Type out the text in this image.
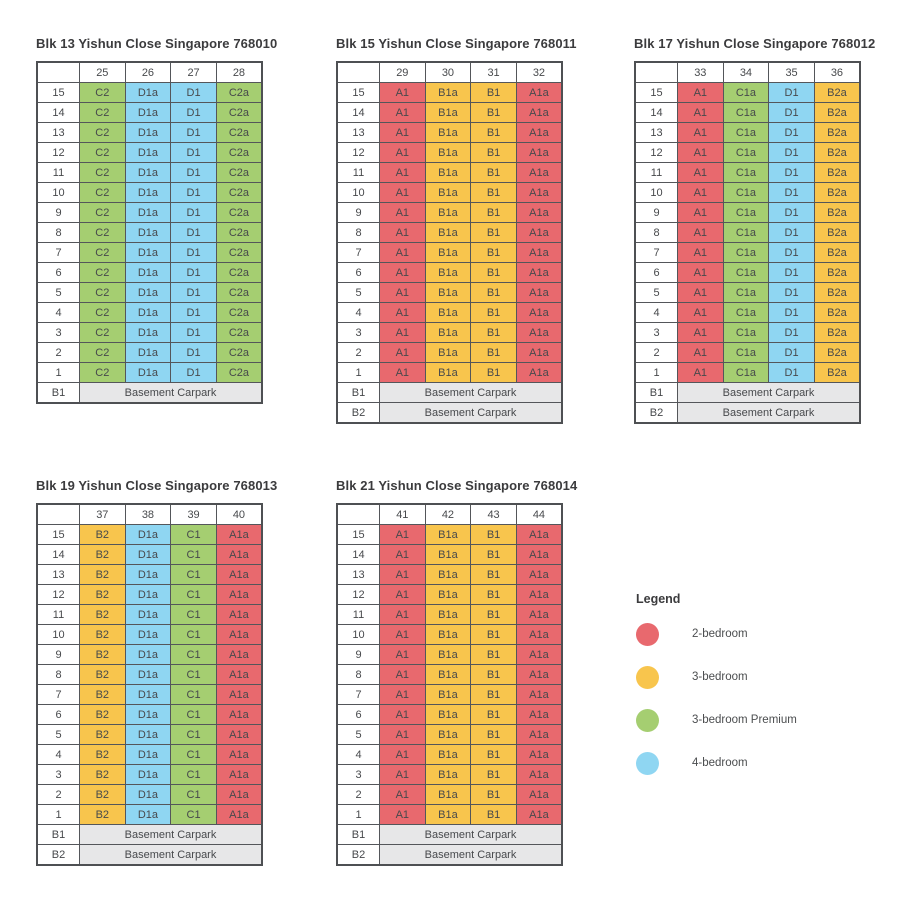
Blk 13 Yishun Close Singapore 768010
	25	26	27	28
15	C2	D1a	D1	C2a
14	C2	D1a	D1	C2a
13	C2	D1a	D1	C2a
12	C2	D1a	D1	C2a
11	C2	D1a	D1	C2a
10	C2	D1a	D1	C2a
9	C2	D1a	D1	C2a
8	C2	D1a	D1	C2a
7	C2	D1a	D1	C2a
6	C2	D1a	D1	C2a
5	C2	D1a	D1	C2a
4	C2	D1a	D1	C2a
3	C2	D1a	D1	C2a
2	C2	D1a	D1	C2a
1	C2	D1a	D1	C2a
B1	Basement Carpark			
Blk 15 Yishun Close Singapore 768011
	29	30	31	32
15	A1	B1a	B1	A1a
14	A1	B1a	B1	A1a
13	A1	B1a	B1	A1a
12	A1	B1a	B1	A1a
11	A1	B1a	B1	A1a
10	A1	B1a	B1	A1a
9	A1	B1a	B1	A1a
8	A1	B1a	B1	A1a
7	A1	B1a	B1	A1a
6	A1	B1a	B1	A1a
5	A1	B1a	B1	A1a
4	A1	B1a	B1	A1a
3	A1	B1a	B1	A1a
2	A1	B1a	B1	A1a
1	A1	B1a	B1	A1a
B1	Basement Carpark			
B2	Basement Carpark			
Blk 17 Yishun Close Singapore 768012
	33	34	35	36
15	A1	C1a	D1	B2a
14	A1	C1a	D1	B2a
13	A1	C1a	D1	B2a
12	A1	C1a	D1	B2a
11	A1	C1a	D1	B2a
10	A1	C1a	D1	B2a
9	A1	C1a	D1	B2a
8	A1	C1a	D1	B2a
7	A1	C1a	D1	B2a
6	A1	C1a	D1	B2a
5	A1	C1a	D1	B2a
4	A1	C1a	D1	B2a
3	A1	C1a	D1	B2a
2	A1	C1a	D1	B2a
1	A1	C1a	D1	B2a
B1	Basement Carpark			
B2	Basement Carpark			
Blk 19 Yishun Close Singapore 768013
	37	38	39	40
15	B2	D1a	C1	A1a
14	B2	D1a	C1	A1a
13	B2	D1a	C1	A1a
12	B2	D1a	C1	A1a
11	B2	D1a	C1	A1a
10	B2	D1a	C1	A1a
9	B2	D1a	C1	A1a
8	B2	D1a	C1	A1a
7	B2	D1a	C1	A1a
6	B2	D1a	C1	A1a
5	B2	D1a	C1	A1a
4	B2	D1a	C1	A1a
3	B2	D1a	C1	A1a
2	B2	D1a	C1	A1a
1	B2	D1a	C1	A1a
B1	Basement Carpark			
B2	Basement Carpark			
Blk 21 Yishun Close Singapore 768014
	41	42	43	44
15	A1	B1a	B1	A1a
14	A1	B1a	B1	A1a
13	A1	B1a	B1	A1a
12	A1	B1a	B1	A1a
11	A1	B1a	B1	A1a
10	A1	B1a	B1	A1a
9	A1	B1a	B1	A1a
8	A1	B1a	B1	A1a
7	A1	B1a	B1	A1a
6	A1	B1a	B1	A1a
5	A1	B1a	B1	A1a
4	A1	B1a	B1	A1a
3	A1	B1a	B1	A1a
2	A1	B1a	B1	A1a
1	A1	B1a	B1	A1a
B1	Basement Carpark			
B2	Basement Carpark			
Legend
2-bedroom
3-bedroom
3-bedroom Premium
4-bedroom
